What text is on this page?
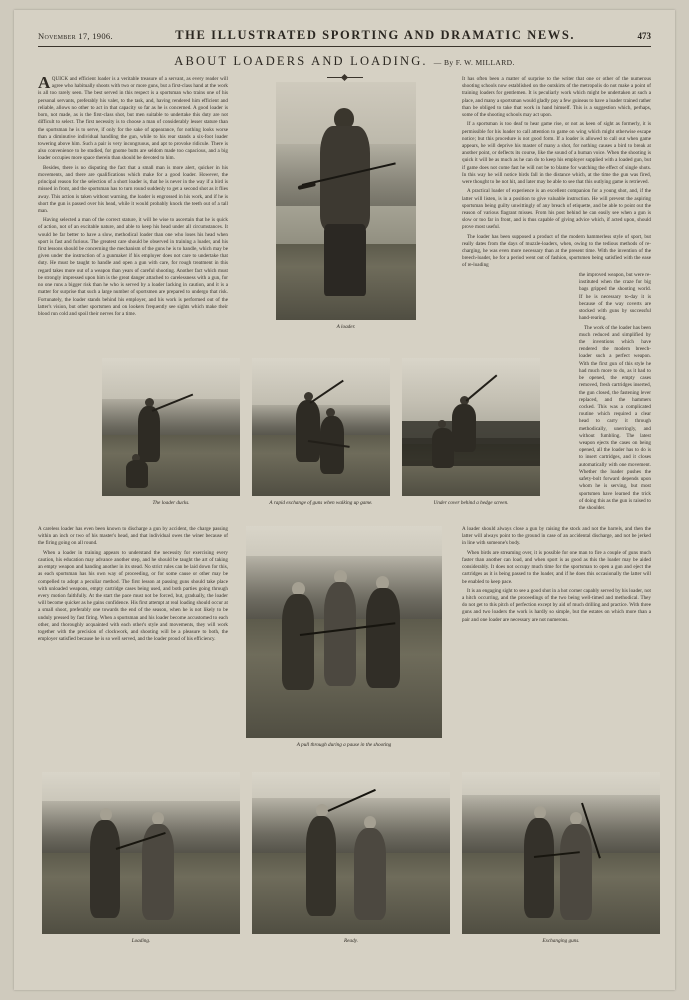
November 17, 1906.	THE ILLUSTRATED SPORTING AND DRAMATIC NEWS.	473
ABOUT LOADERS AND LOADING. — By F. W. MILLARD.

AQUICK and efficient loader is a veritable treasure of a servant, as every reader will agree who habitually shoots with two or more guns, but a first-class hand at the work is all too rarely seen. The best served in this respect is a sportsman who trains one of his personal servants, preferably his valet, to the task, and, having rendered him efficient and reliable, allows no other to act in that capacity so far as he is concerned. A good loader is born, not made, as is the first-class shot, but men suitable to undertake this duty are not difficult to select. The first necessity is to choose a man of considerably lesser stature than the sportsman he is to serve, if only for the sake of appearance, for nothing looks worse than a diminutive individual handling the gun, while to his rear stands a six-foot loader towering above him. Such a pair is very incongruous, and apt to provoke ridicule. There is also convenience to be studied, for gnome butts are seldom made too capacious, and a big loader occupies more space therein than should be devoted to him.

Besides, there is no disputing the fact that a small man is more alert, quicker in his movements, and there are qualifications which make for a good loader. However, the principal reason for the selection of a short loader is, that he is never in the way if a bird is missed in front, and the sportsman has to turn round suddenly to get a second shot as it flies away. This action is taken without warning, the loader is engrossed in his work, and if he is short the gun is passed over his head, while it would probably knock the teeth out of a tall man.

Having selected a man of the correct stature, it will be wise to ascertain that he is quick of action, not of an excitable nature, and able to keep his head under all circumstances. It would be far better to have a slow, methodical loader than one who loses his head when sport is fast and furious. The greatest care should be observed in training a loader, and his first lessons should be concerning the mechanism of the guns he is to handle, which may be given under the instruction of a gunmaker if his employer does not care to undertake that duty. He must be taught to handle and open a gun with care, for rough treatment in this regard takes more out of a weapon than years of careful shooting. Another fact which must be strongly impressed upon him is the great danger attached to carelessness with a gun, for no one runs a bigger risk than he who is served by a loader lacking in caution, and it is a matter for surprise that such a large number of sportsmen are prepared to undergo that risk. Fortunately, the loader stands behind his employer, and his work is performed out of the latter's vision, but other sportsmen and on lookers frequently see sights which make their blood run cold and spoil their nerves for a time.

A careless loader has even been known to discharge a gun by accident, the charge passing within an inch or two of his master's head, and that individual owes the winer because of the firing going on all round.

When a loader in training appears to understand the necessity for exercising every caution, his education may advance another step, and he should be taught the art of taking an empty weapon and handing another in its stead. No strict rules can be laid down for this, as each sportsman has his own way of proceeding, or for some cause or other may be compelled to adopt a peculiar method. The first lesson at passing guns should take place with unloaded weapons, empty cartridge cases being used, and both parties going through every motion faithfully. At the start the pace must not be forced, but, gradually, the loader will become quicker as he gains confidence. His first attempt at real loading should occur at a small shoot, preferably one towards the end of the season, when he is not likely to be unduly pressed by fast firing. When a sportsman and his loader become accustomed to each other, and thoroughly acquainted with each other's style and movements, they will work together with the precision of clockwork, and shooting will be a pleasure to both, the employer satisfied because he is so well served, and the loader proud of his efficiency.

It has often been a matter of surprise to the writer that one or other of the numerous shooting schools now established on the outskirts of the metropolis do not make a point of training loaders for gentlemen. It is peculiarly work which might be undertaken at such a place, and many a sportsman would gladly pay a few guineas to have a loader trained rather than be obliged to take that work in hand himself. This is a suggestion which, perhaps, some of the shooting schools may act upon.

If a sportsman is too deaf to hear game rise, or not as keen of sight as formerly, it is permissible for his loader to call attention to game on wing which might otherwise escape notice; but this procedure is not good form. If a loader is allowed to call out when game appears, he will deprive his master of many a shot, for nothing causes a bird to break at another point, or deflects its course, like the sound of a human voice. When the shooting is quick it will be as much as he can do to keep his employer supplied with a loaded gun, but if game does not come fast he will not be to blame for watching the effect of single shots. In this way he will notice birds fall in the distance which, at the time the gun was fired, were thought to be not hit, and later may be able to see that this outlying game is retrieved.

A practical loader of experience is an excellent companion for a young shot, and, if the latter will listen, is in a position to give valuable instruction. He will prevent the aspiring sportsman being guilty unwittingly of any breach of etiquette, and be able to point out the reason of various flagrant misses. From his post behind he can easily see when a gun is slow or too far in front, and is thus capable of giving advice which, if acted upon, should prove most useful.

The loader has been supposed a product of the modern hammerless style of sport, but really dates from the days of muzzle-loaders, when, owing to the tedious methods of re-charging, he was even more necessary than at the present time. With the invention of the breech-loader, he for a period went out of fashion, sportsmen being satisfied with the ease of re-loading

the improved weapon, but were re-instituted when the craze for big bags gripped the shooting world. If he is necessary to-day it is because of the way coverts are stocked with guns by successful hand-rearing.

The work of the loader has been much reduced and simplified by the inventions which have rendered the modern breech-loader such a perfect weapon. With the first gun of this style he had much more to do, as it had to be opened, the empty cases removed, fresh cartridges inserted, the gun closed, the fastening lever replaced, and the hammers cocked. This was a complicated routine which required a clear head to carry it through methodically, unerringly, and without fumbling. The latest weapon ejects the cases on being opened, all the loader has to do is to insert cartridges, and it closes automatically with one movement. Whether the loader pushes the safety-bolt forward depends upon whom he is serving, but most sportsmen have learned the trick of doing this as the gun is raised to the shoulder.

A loader should always close a gun by raising the stock and not the barrels, and then the latter will always point to the ground in case of an accidental discharge, and not be jerked in line with someone's body.

When birds are streaming over, it is possible for one man to fire a couple of guns much faster than another can load, and when sport is as good as this the loader may be aided considerably. It does not occupy much time for the sportsman to open a gun and eject the cartridges as it is being passed to the loader, and if he does this occasionally the latter will be enabled to keep pace.

It is an engaging sight to see a good shot in a hot corner capably served by his loader, not a hitch occurring, and the proceedings of the two being well-timed and methodical. They do not get to this pitch of perfection except by aid of much drilling and practice. With three guns and two loaders the work is hardly so simple, but the estates on which more than a pair and one loader are necessary are not numerous.

A loader.
The loader ducks.	A rapid exchange of guns when walking up game.	Under cover behind a hedge screen.
A pull through during a pause in the shooting
Loading.	Ready.	Exchanging guns.
